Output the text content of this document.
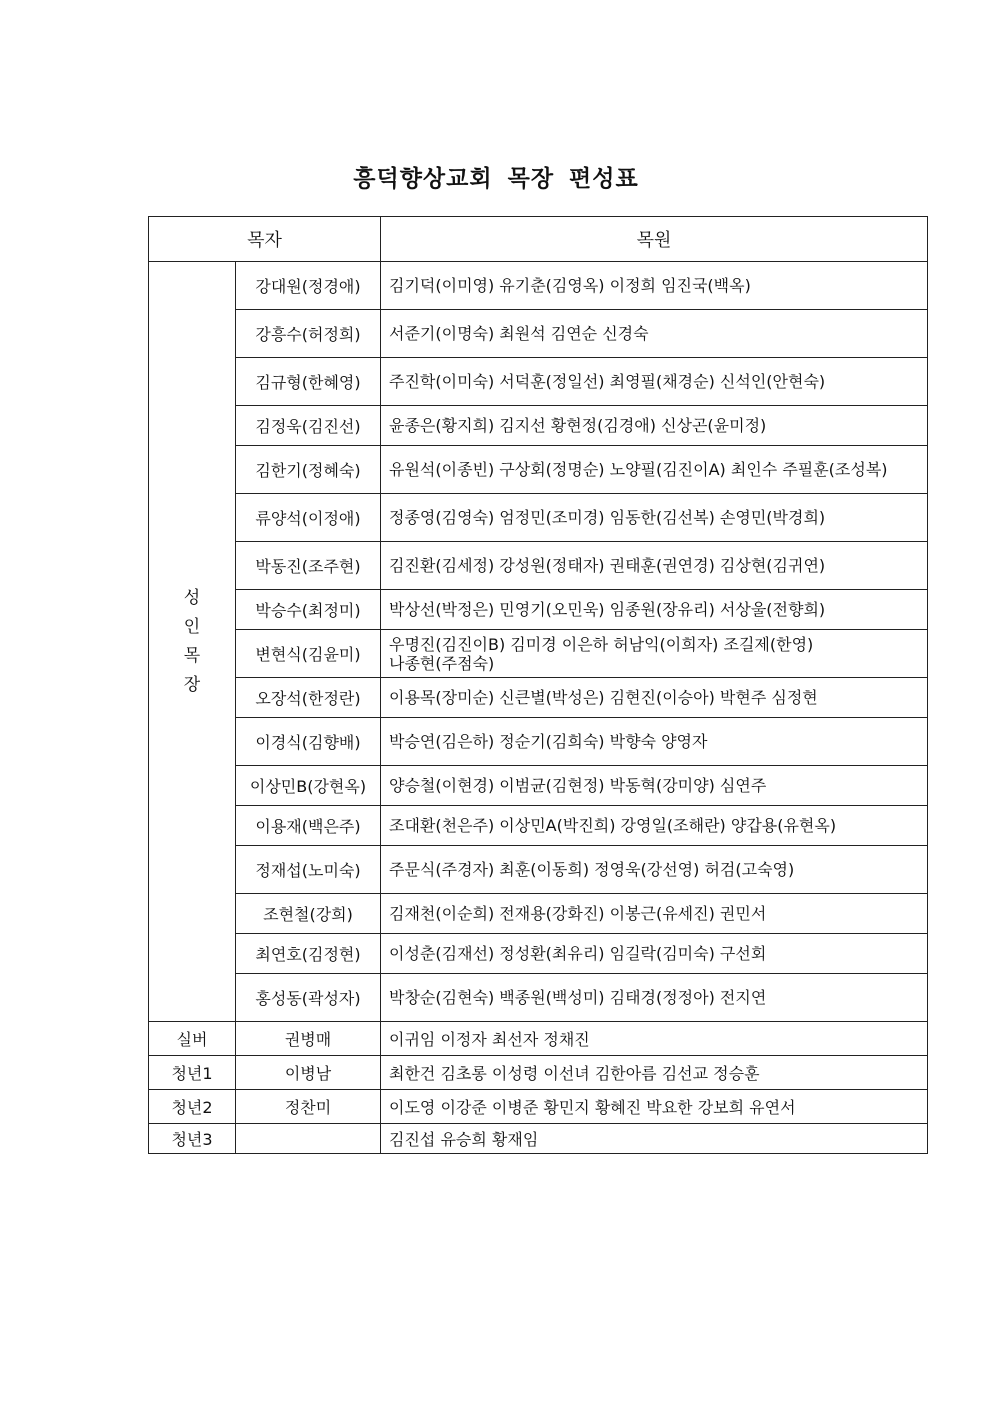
흥덕향상교회 목장 편성표
목자		목원

성
인
목
장	강대원(정경애)	김기덕(이미영) 유기춘(김영옥) 이정희 임진국(백옥)

	강흥수(허정희)	서준기(이명숙) 최원석 김연순 신경숙

	김규형(한혜영)	주진학(이미숙) 서덕훈(정일선) 최영필(채경순) 신석인(안현숙)

	김정욱(김진선)	윤종은(황지희) 김지선 황현정(김경애) 신상곤(윤미정)

	김한기(정혜숙)	유원석(이종빈) 구상회(정명순) 노양필(김진이A) 최인수 주필훈(조성복)

	류양석(이정애)	정종영(김영숙) 엄정민(조미경) 임동한(김선복) 손영민(박경희)

	박동진(조주현)	김진환(김세정) 강성원(정태자) 권태훈(권연경) 김상현(김귀연)

	박승수(최정미)	박상선(박정은) 민영기(오민욱) 임종원(장유리) 서상울(전향희)

	변현식(김윤미)	우명진(김진이B) 김미경 이은하 허남익(이희자) 조길제(한영)
나종현(주점숙)

	오장석(한정란)	이용목(장미순) 신큰별(박성은) 김현진(이승아) 박현주 심정현

	이경식(김향배)	박승연(김은하) 정순기(김희숙) 박향숙 양영자

	이상민B(강현옥)	양승철(이현경) 이범균(김현정) 박동혁(강미양) 심연주

	이용재(백은주)	조대환(천은주) 이상민A(박진희) 강영일(조해란) 양갑용(유현옥)

	정재섭(노미숙)	주문식(주경자) 최훈(이동희) 정영욱(강선영) 허검(고숙영)

	조현철(강희)	김재천(이순희) 전재용(강화진) 이봉근(유세진) 권민서

	최연호(김정현)	이성춘(김재선) 정성환(최유리) 임길락(김미숙) 구선회

	홍성동(곽성자)	박창순(김현숙) 백종원(백성미) 김태경(정정아) 전지연

실버	권병매	이귀임 이정자 최선자 정채진
청년1	이병남	최한건 김초롱 이성령 이선녀 김한아름 김선교 정승훈
청년2	정찬미	이도영 이강준 이병준 황민지 황혜진 박요한 강보희 유연서
청년3		김진섭 유승희 황재임
